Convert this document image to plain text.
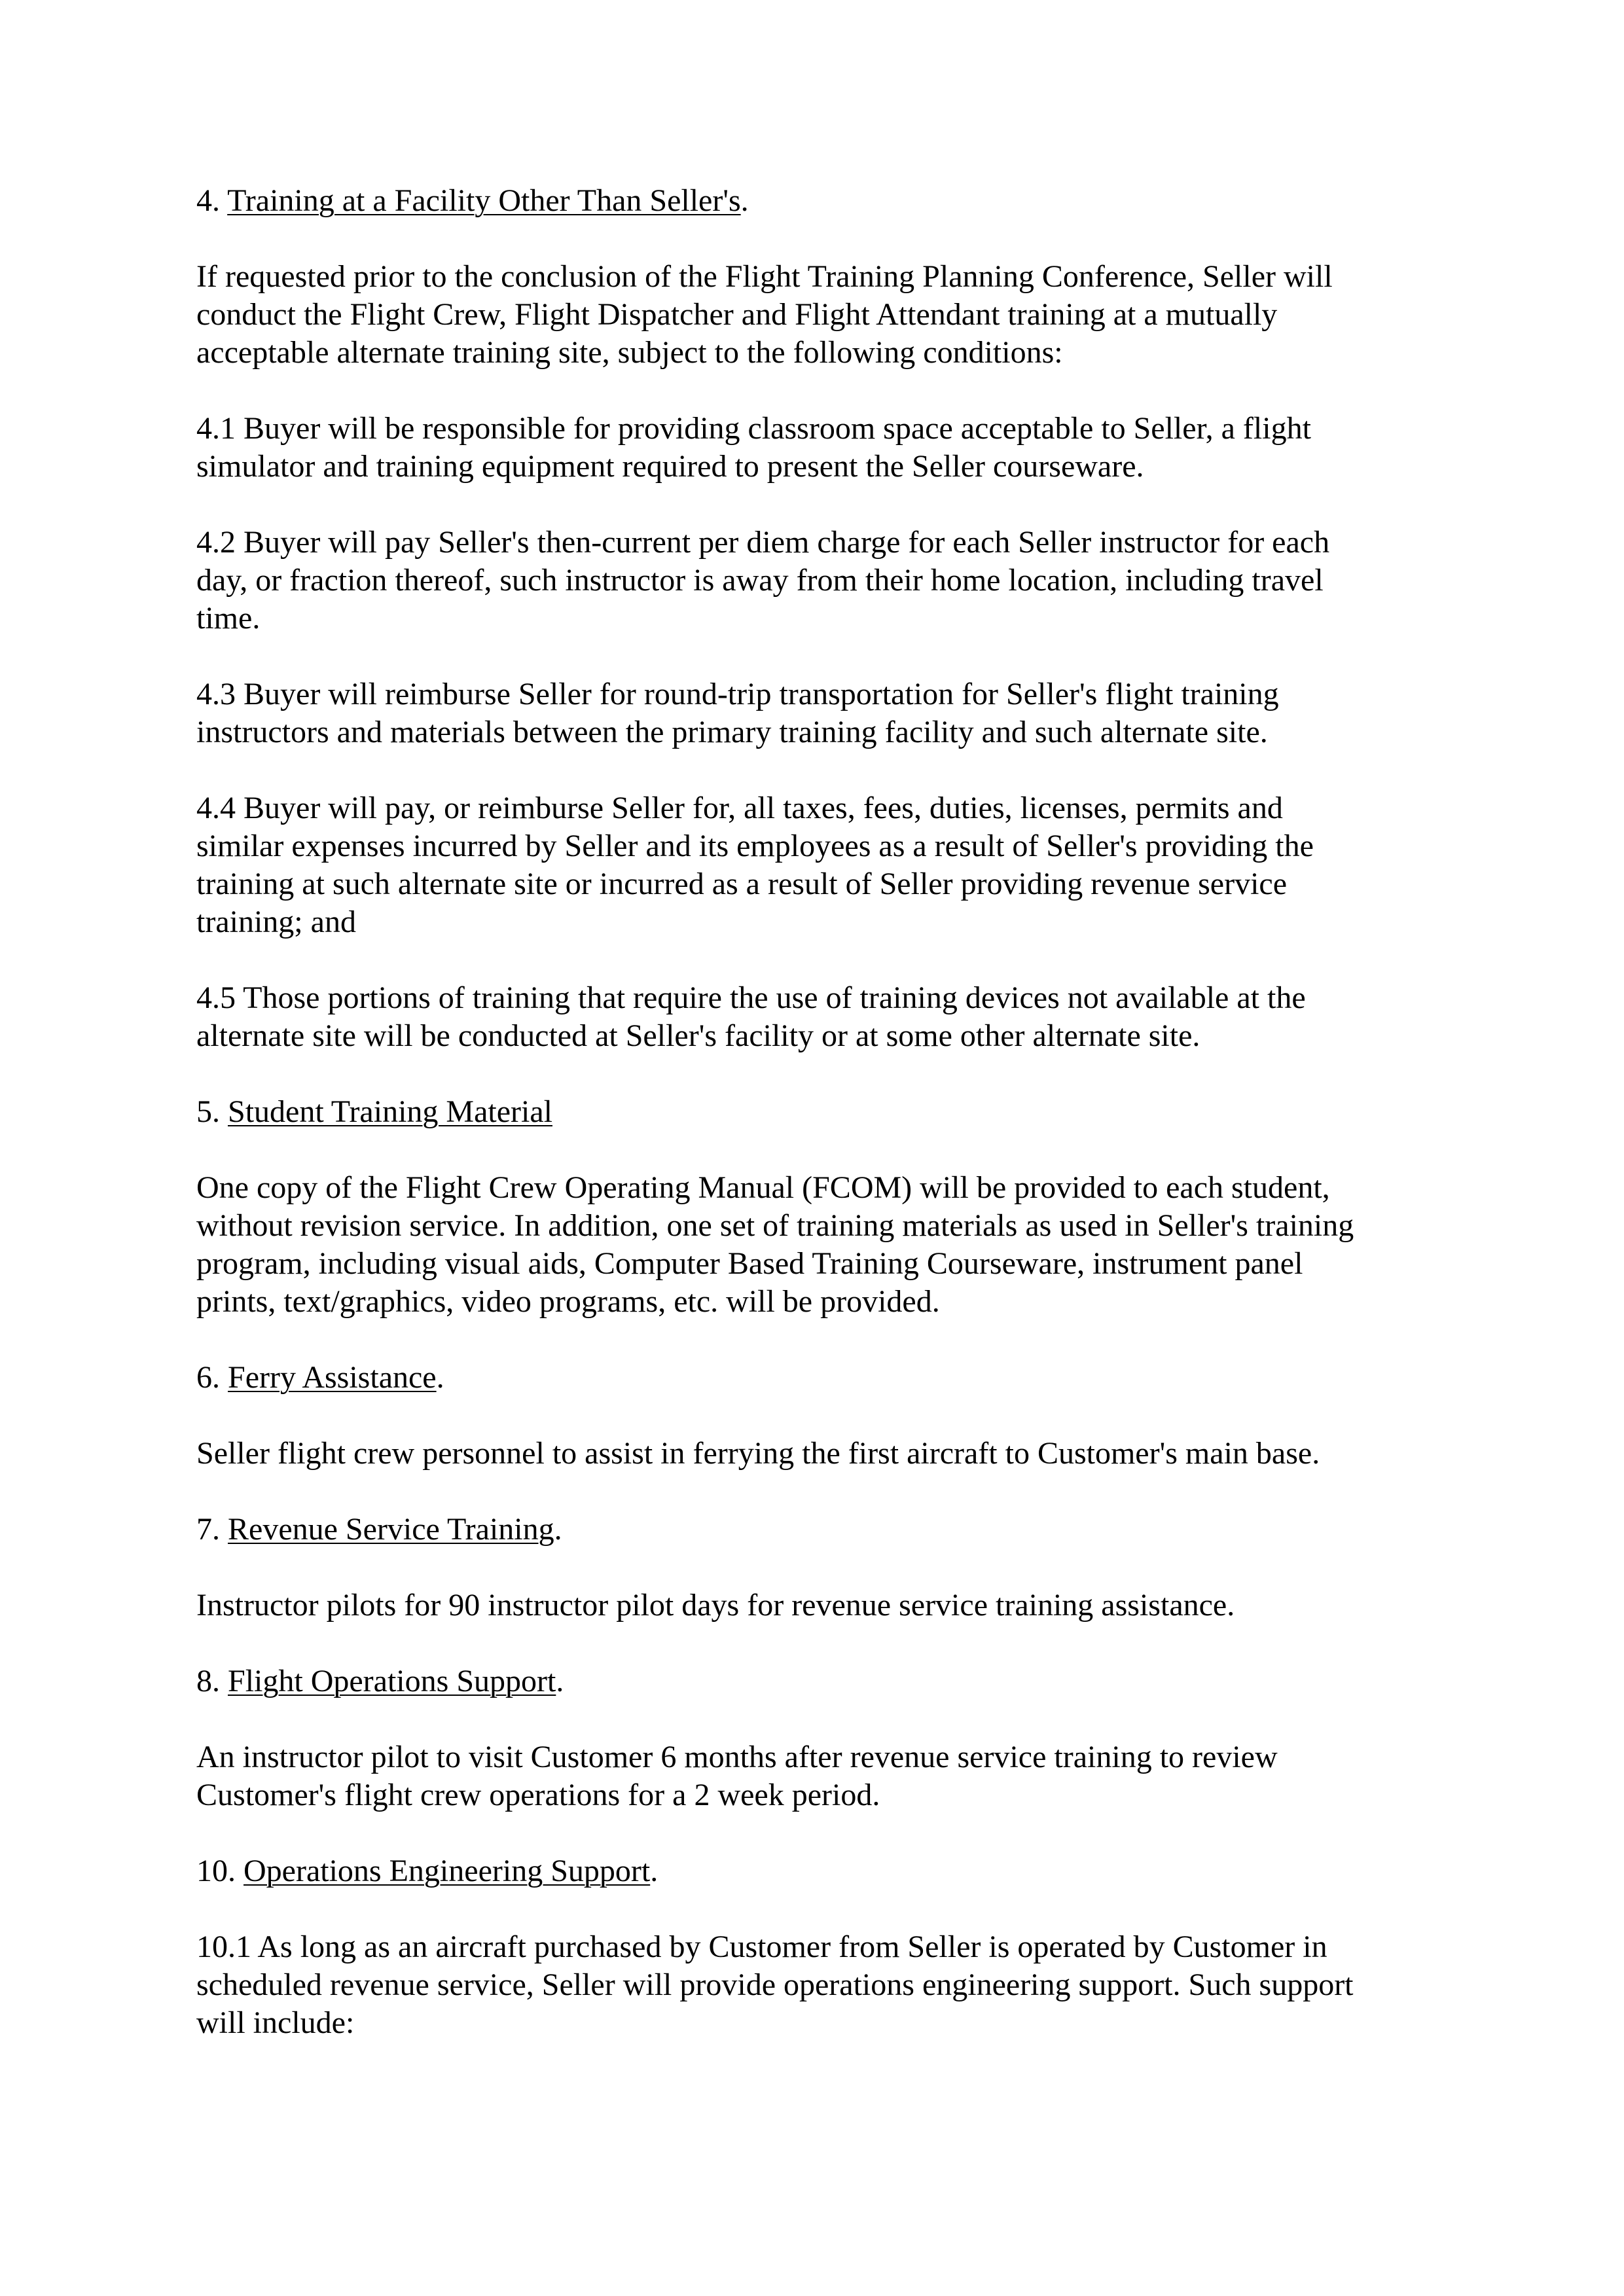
4. Training at a Facility Other Than Seller's.

If requested prior to the conclusion of the Flight Training Planning Conference, Seller will
conduct the Flight Crew, Flight Dispatcher and Flight Attendant training at a mutually
acceptable alternate training site, subject to the following conditions:

4.1 Buyer will be responsible for providing classroom space acceptable to Seller, a flight
simulator and training equipment required to present the Seller courseware.

4.2 Buyer will pay Seller's then-current per diem charge for each Seller instructor for each
day, or fraction thereof, such instructor is away from their home location, including travel
time.

4.3 Buyer will reimburse Seller for round-trip transportation for Seller's flight training
instructors and materials between the primary training facility and such alternate site.

4.4 Buyer will pay, or reimburse Seller for, all taxes, fees, duties, licenses, permits and
similar expenses incurred by Seller and its employees as a result of Seller's providing the
training at such alternate site or incurred as a result of Seller providing revenue service
training; and

4.5 Those portions of training that require the use of training devices not available at the
alternate site will be conducted at Seller's facility or at some other alternate site.

5. Student Training Material

One copy of the Flight Crew Operating Manual (FCOM) will be provided to each student,
without revision service. In addition, one set of training materials as used in Seller's training
program, including visual aids, Computer Based Training Courseware, instrument panel
prints, text/graphics, video programs, etc. will be provided.

6. Ferry Assistance.

Seller flight crew personnel to assist in ferrying the first aircraft to Customer's main base.

7. Revenue Service Training.

Instructor pilots for 90 instructor pilot days for revenue service training assistance.

8. Flight Operations Support.

An instructor pilot to visit Customer 6 months after revenue service training to review
Customer's flight crew operations for a 2 week period.

10. Operations Engineering Support.

10.1 As long as an aircraft purchased by Customer from Seller is operated by Customer in
scheduled revenue service, Seller will provide operations engineering support. Such support
will include:
